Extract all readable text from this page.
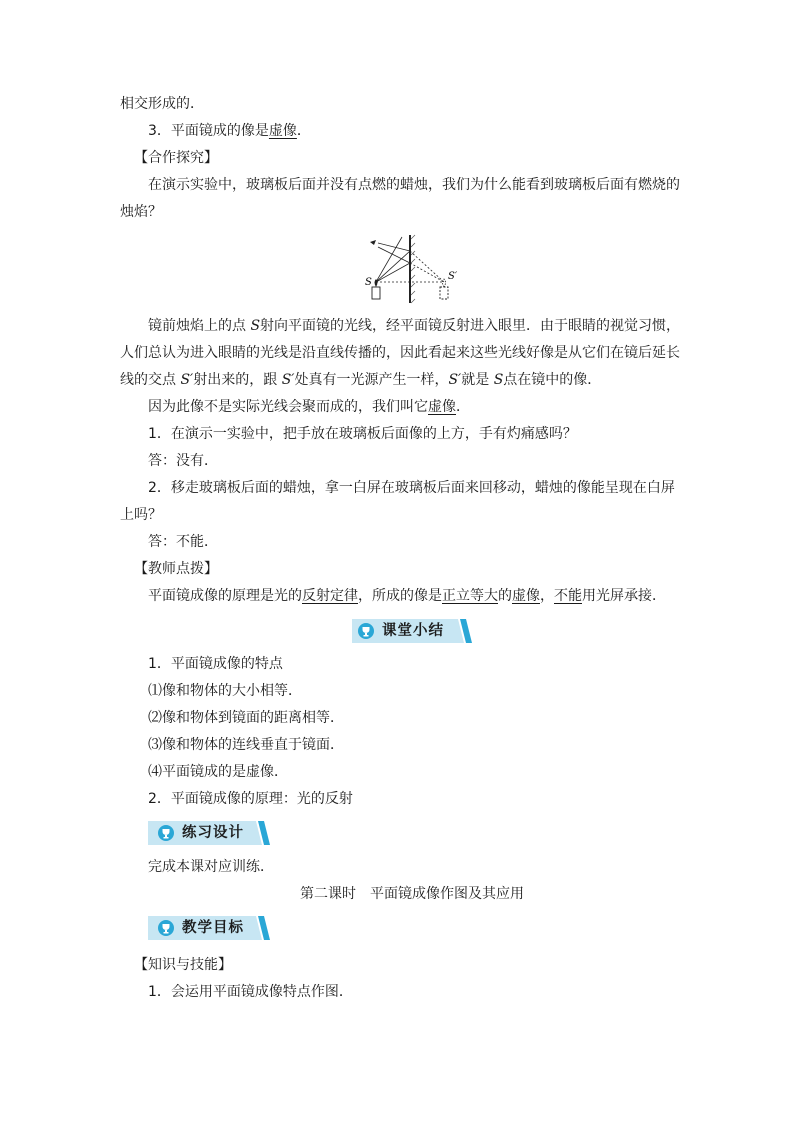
相交形成的．
3．平面镜成的像是虚像．
【合作探究】
在演示实验中，玻璃板后面并没有点燃的蜡烛，我们为什么能看到玻璃板后面有燃烧的
烛焰？
S
S′
镜前烛焰上的点 S射向平面镜的光线，经平面镜反射进入眼里．由于眼睛的视觉习惯，
人们总认为进入眼睛的光线是沿直线传播的，因此看起来这些光线好像是从它们在镜后延长
线的交点 S′射出来的，跟 S′处真有一光源产生一样，S′就是 S点在镜中的像．
因为此像不是实际光线会聚而成的，我们叫它虚像．
1．在演示一实验中，把手放在玻璃板后面像的上方，手有灼痛感吗？
答：没有．
2．移走玻璃板后面的蜡烛，拿一白屏在玻璃板后面来回移动，蜡烛的像能呈现在白屏
上吗？
答：不能．
【教师点拨】
平面镜成像的原理是光的反射定律，所成的像是正立等大的虚像，不能用光屏承接．
课堂小结
1．平面镜成像的特点
⑴像和物体的大小相等．
⑵像和物体到镜面的距离相等．
⑶像和物体的连线垂直于镜面．
⑷平面镜成的是虚像．
2．平面镜成像的原理：光的反射
练习设计
完成本课对应训练．
第二课时　平面镜成像作图及其应用
教学目标
【知识与技能】
1．会运用平面镜成像特点作图．
